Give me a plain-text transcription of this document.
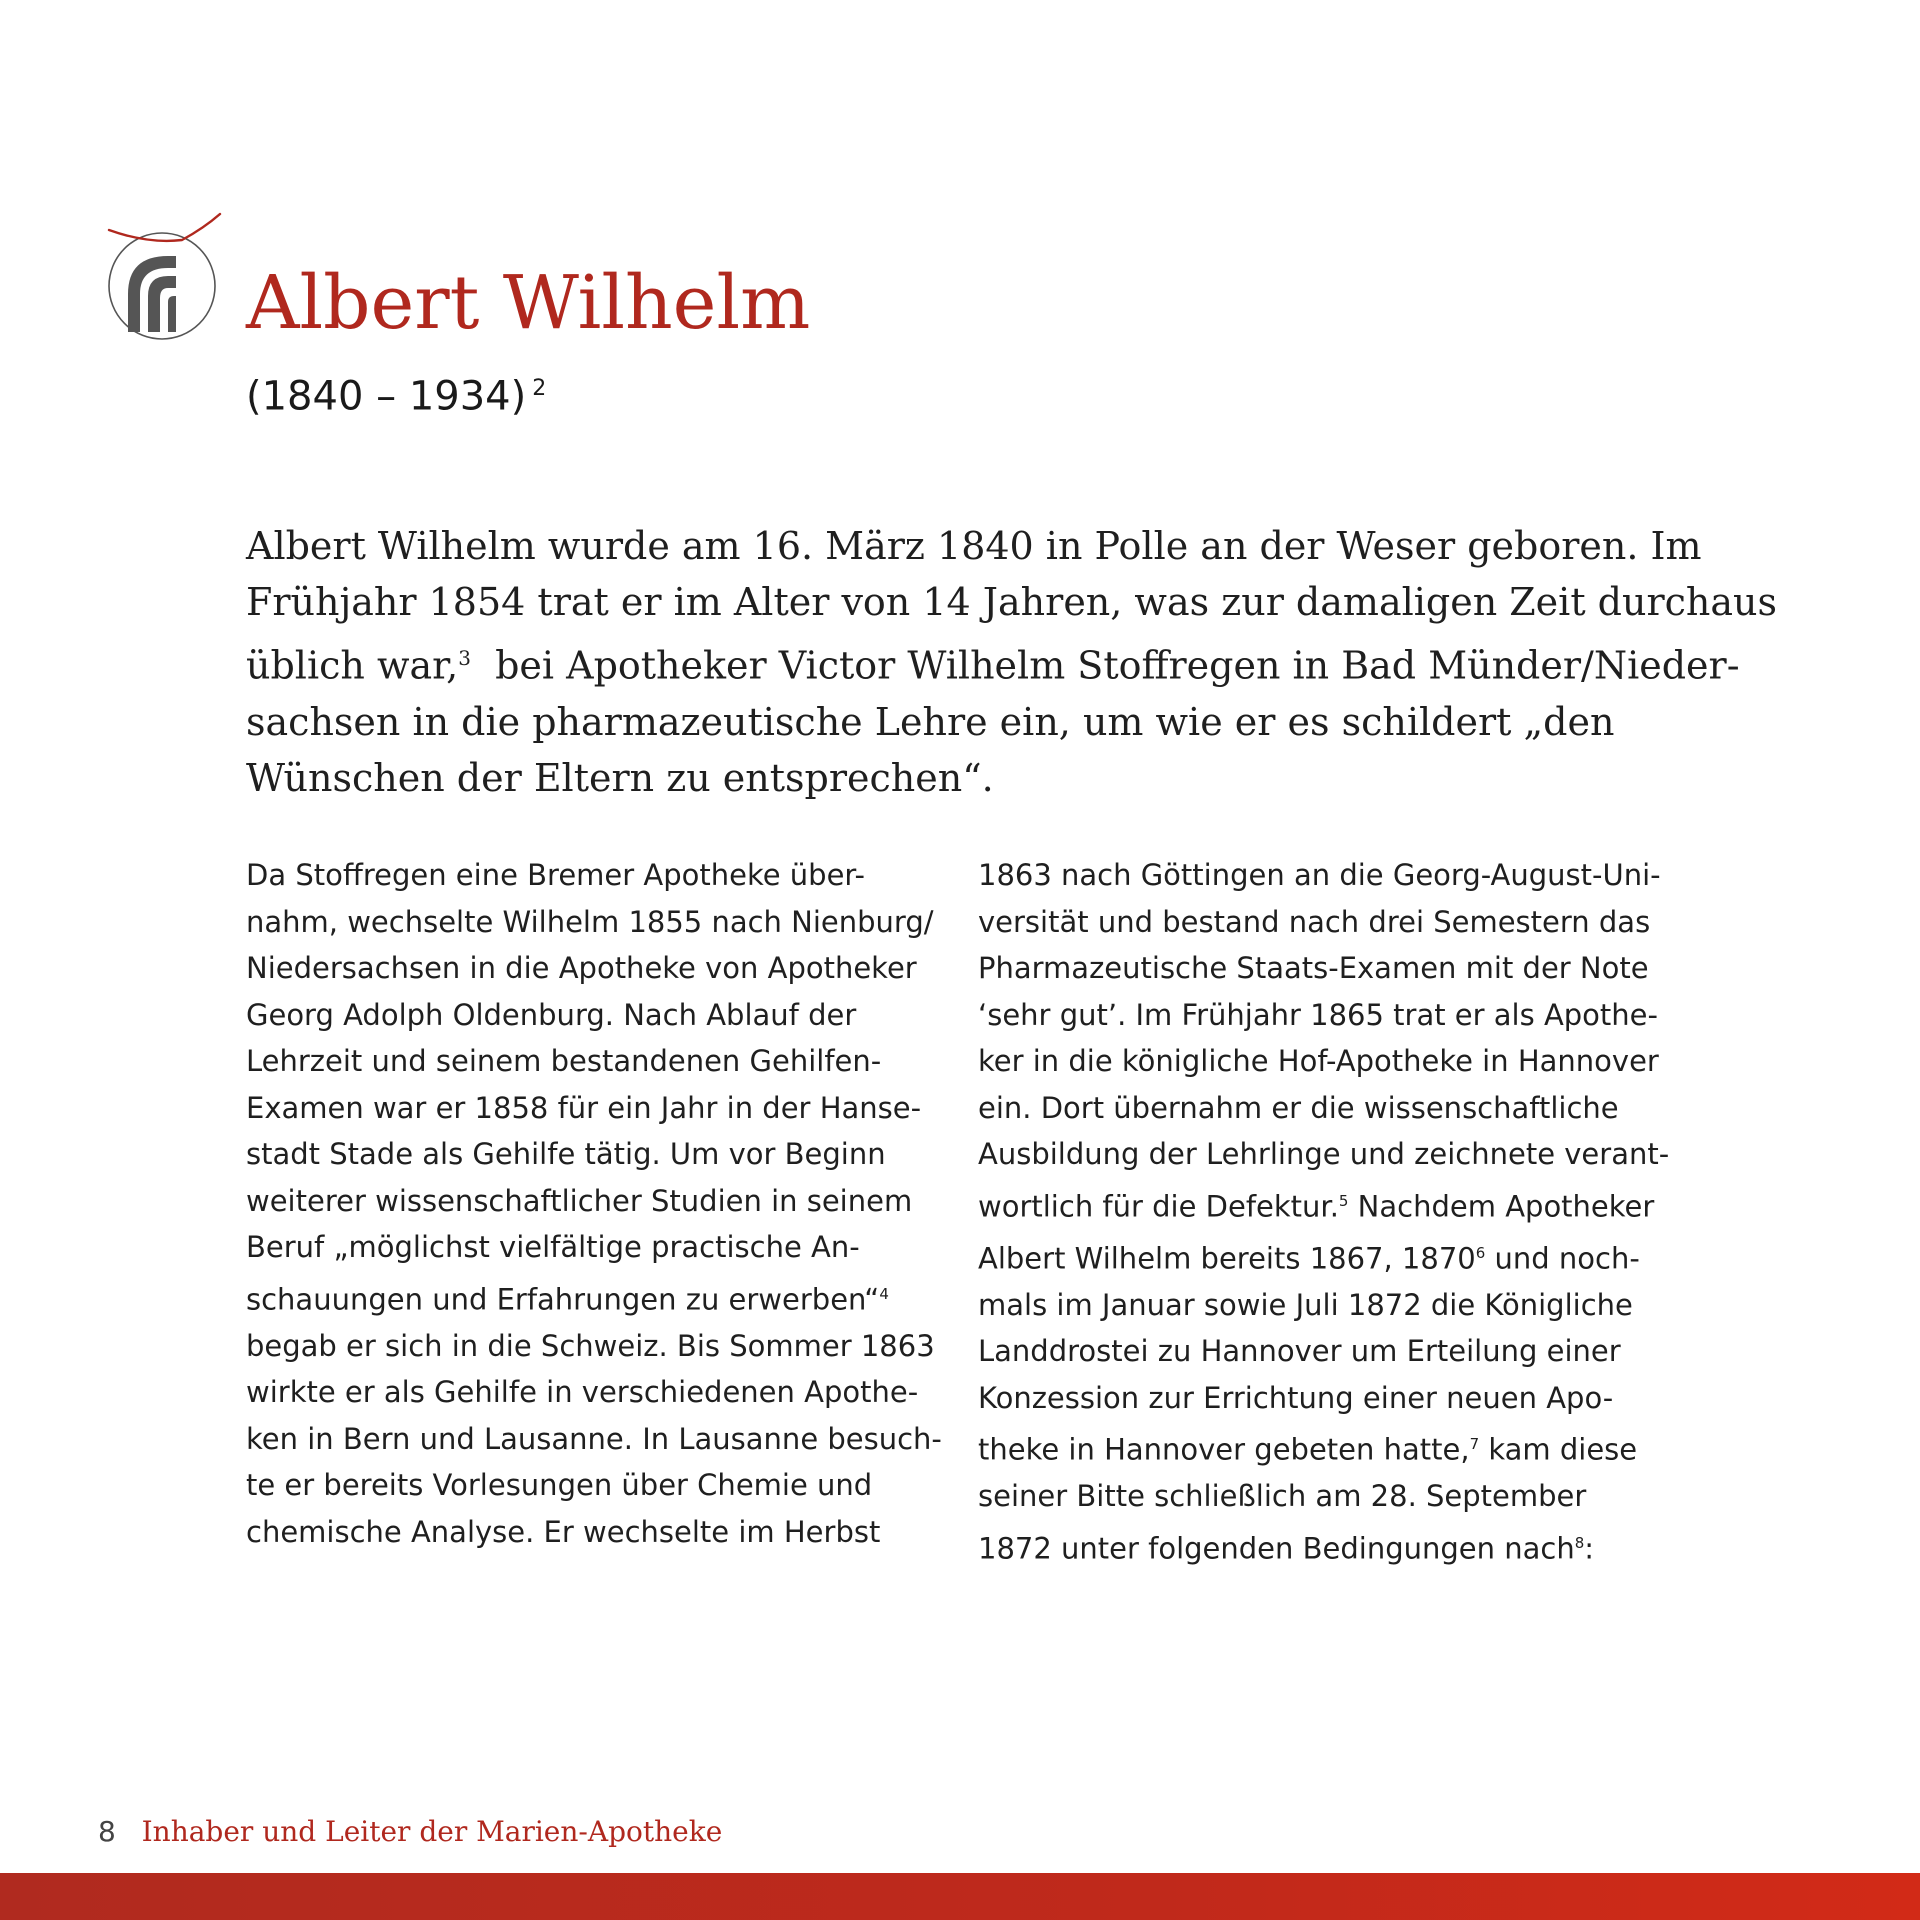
Albert Wilhelm
(1840 – 1934) $^2$

Albert Wilhelm wurde am 16. März 1840 in Polle an der Weser geboren. Im
Frühjahr 1854 trat er im Alter von 14 Jahren, was zur damaligen Zeit durchaus
üblich war,$^3$  bei Apotheker Victor Wilhelm Stoffregen in Bad Münder/Nieder-
sachsen in die pharmazeutische Lehre ein, um wie er es schildert „den
Wünschen der Eltern zu entsprechen“.

Da Stoffregen eine Bremer Apotheke über-
nahm, wechselte Wilhelm 1855 nach Nienburg/
Niedersachsen in die Apotheke von Apotheker
Georg Adolph Oldenburg. Nach Ablauf der
Lehrzeit und seinem bestandenen Gehilfen-
Examen war er 1858 für ein Jahr in der Hanse-
stadt Stade als Gehilfe tätig. Um vor Beginn
weiterer wissenschaftlicher Studien in seinem
Beruf „möglichst vielfältige practische An-
schauungen und Erfahrungen zu erwerben“$^4$
begab er sich in die Schweiz. Bis Sommer 1863
wirkte er als Gehilfe in verschiedenen Apothe-
ken in Bern und Lausanne. In Lausanne besuch-
te er bereits Vorlesungen über Chemie und
chemische Analyse. Er wechselte im Herbst

1863 nach Göttingen an die Georg-August-Uni-
versität und bestand nach drei Semestern das
Pharmazeutische Staats-Examen mit der Note
‘sehr gut’. Im Frühjahr 1865 trat er als Apothe-
ker in die königliche Hof-Apotheke in Hannover
ein. Dort übernahm er die wissenschaftliche
Ausbildung der Lehrlinge und zeichnete verant-
wortlich für die Defektur.$^5$ Nachdem Apotheker
Albert Wilhelm bereits 1867, 1870$^6$ und noch-
mals im Januar sowie Juli 1872 die Königliche
Landdrostei zu Hannover um Erteilung einer
Konzession zur Errichtung einer neuen Apo-
theke in Hannover gebeten hatte,$^7$ kam diese
seiner Bitte schließlich am 28. September
1872 unter folgenden Bedingungen nach$^8$:

8 Inhaber und Leiter der Marien-Apotheke
